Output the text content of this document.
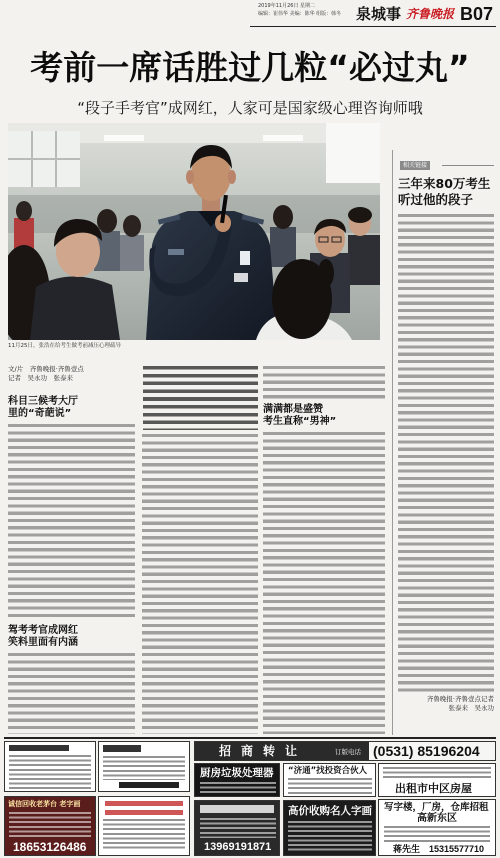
2019年11月26日 星期二
编辑：崔伟华 美编：陈华 组版：韩冬 泉城事 齐鲁晚报 B07
考前一席话胜过几粒“必过丸”
“段子手考官”成网红，人家可是国家级心理咨询师哦
11月25日，张浩在给考生做考前减压心理疏导
相关链接
三年来80万考生
听过他的段子
齐鲁晚报·齐鲁壹点记者
张泰来　吴永功
文/片　齐鲁晚报·齐鲁壹点
记者　吴永功　张泰来
科目三候考大厅
里的“奇葩说”
驾考考官成网红
笑料里面有内涵
满满都是盛赞
考生直称“男神”
招商转让	订版电话 (0531) 85196204
厨房垃圾处理器 “济通”找投资合伙人
出租市中区房屋
诚信回收老茅台 老字画
18653126486	13969191871
高价收购名人字画 写字楼，厂房，仓库招租
高新东区
蒋先生　15315577710
